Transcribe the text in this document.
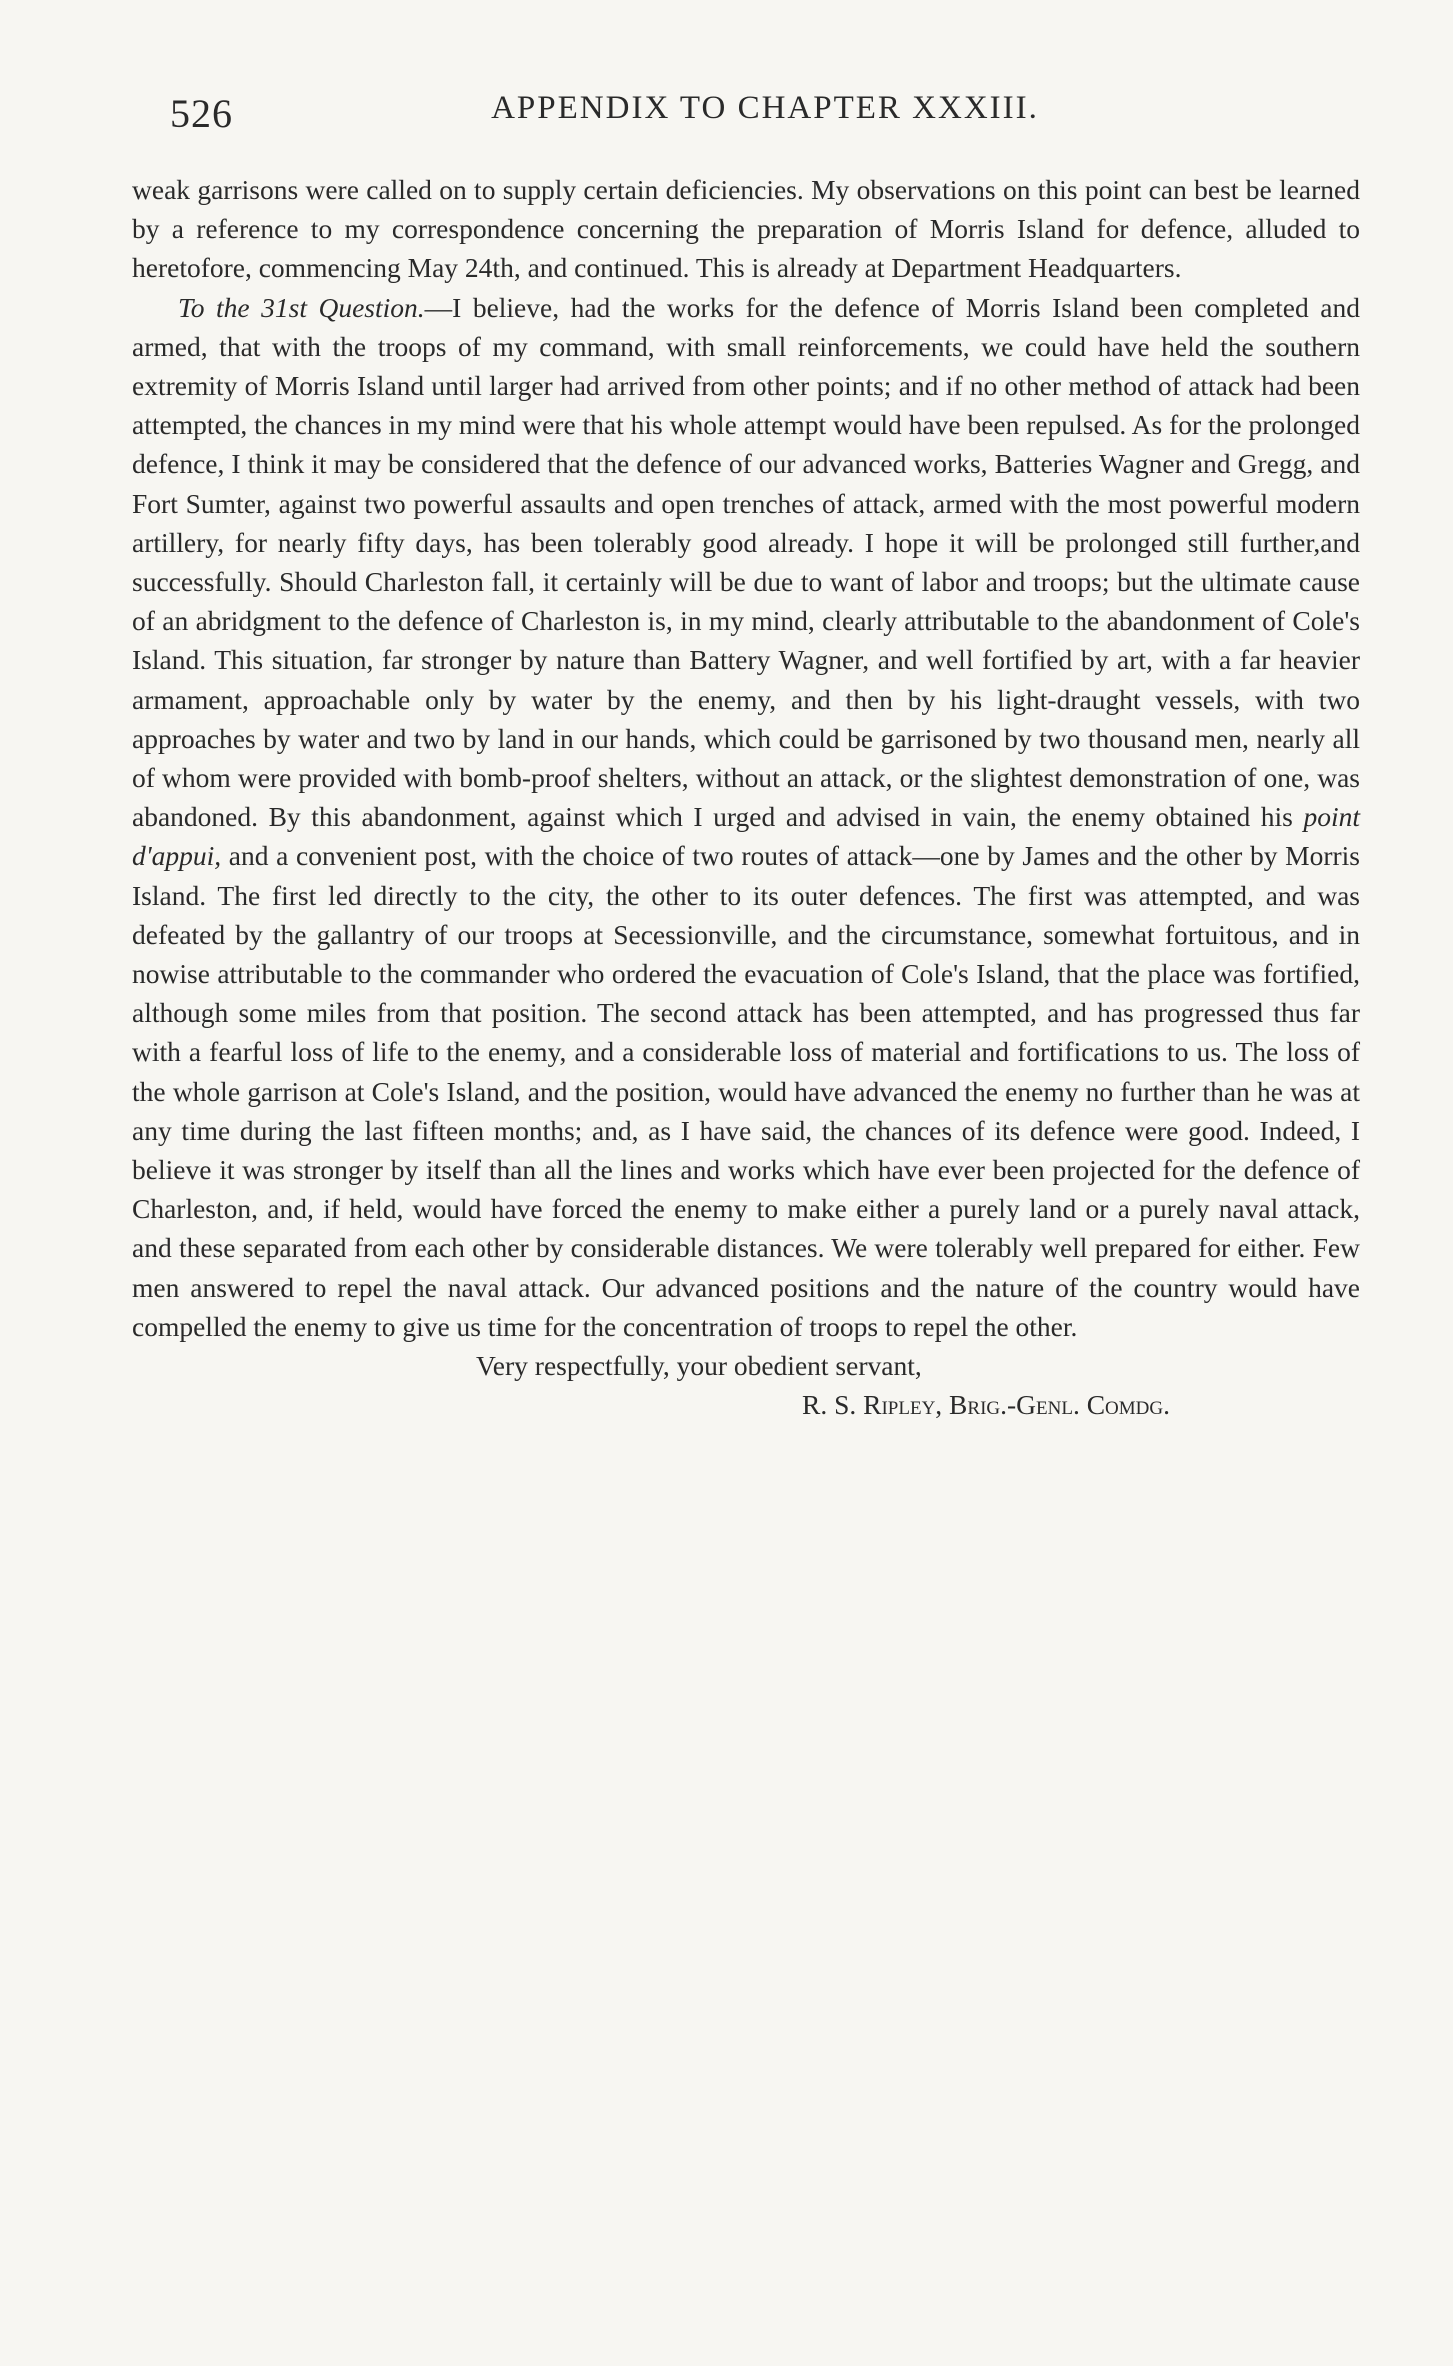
526	APPENDIX TO CHAPTER XXXIII.

weak garrisons were called on to supply certain deficiencies. My observations on this point can best be learned by a reference to my correspondence concerning the preparation of Morris Island for defence, alluded to heretofore, commencing May 24th, and continued. This is already at Department Headquarters.

To the 31st Question.—I believe, had the works for the defence of Morris Island been completed and armed, that with the troops of my command, with small reinforcements, we could have held the southern extremity of Morris Island until larger had arrived from other points; and if no other method of attack had been attempted, the chances in my mind were that his whole attempt would have been repulsed. As for the prolonged defence, I think it may be considered that the defence of our advanced works, Batteries Wagner and Gregg, and Fort Sumter, against two powerful assaults and open trenches of attack, armed with the most powerful modern artillery, for nearly fifty days, has been tolerably good already. I hope it will be prolonged still further,and successfully. Should Charleston fall, it certainly will be due to want of labor and troops; but the ultimate cause of an abridgment to the defence of Charleston is, in my mind, clearly attributable to the abandonment of Cole's Island. This situation, far stronger by nature than Battery Wagner, and well fortified by art, with a far heavier armament, approachable only by water by the enemy, and then by his light-draught vessels, with two approaches by water and two by land in our hands, which could be garrisoned by two thousand men, nearly all of whom were provided with bomb-proof shelters, without an attack, or the slightest demonstration of one, was abandoned. By this abandonment, against which I urged and advised in vain, the enemy obtained his point d'appui, and a convenient post, with the choice of two routes of attack—one by James and the other by Morris Island. The first led directly to the city, the other to its outer defences. The first was attempted, and was defeated by the gallantry of our troops at Secessionville, and the circumstance, somewhat fortuitous, and in nowise attributable to the commander who ordered the evacuation of Cole's Island, that the place was fortified, although some miles from that position. The second attack has been attempted, and has progressed thus far with a fearful loss of life to the enemy, and a considerable loss of material and fortifications to us. The loss of the whole garrison at Cole's Island, and the position, would have advanced the enemy no further than he was at any time during the last fifteen months; and, as I have said, the chances of its defence were good. Indeed, I believe it was stronger by itself than all the lines and works which have ever been projected for the defence of Charleston, and, if held, would have forced the enemy to make either a purely land or a purely naval attack, and these separated from each other by considerable distances. We were tolerably well prepared for either. Few men answered to repel the naval attack. Our advanced positions and the nature of the country would have compelled the enemy to give us time for the concentration of troops to repel the other.

Very respectfully, your obedient servant,

R. S. Ripley, Brig.-Genl. Comdg.
